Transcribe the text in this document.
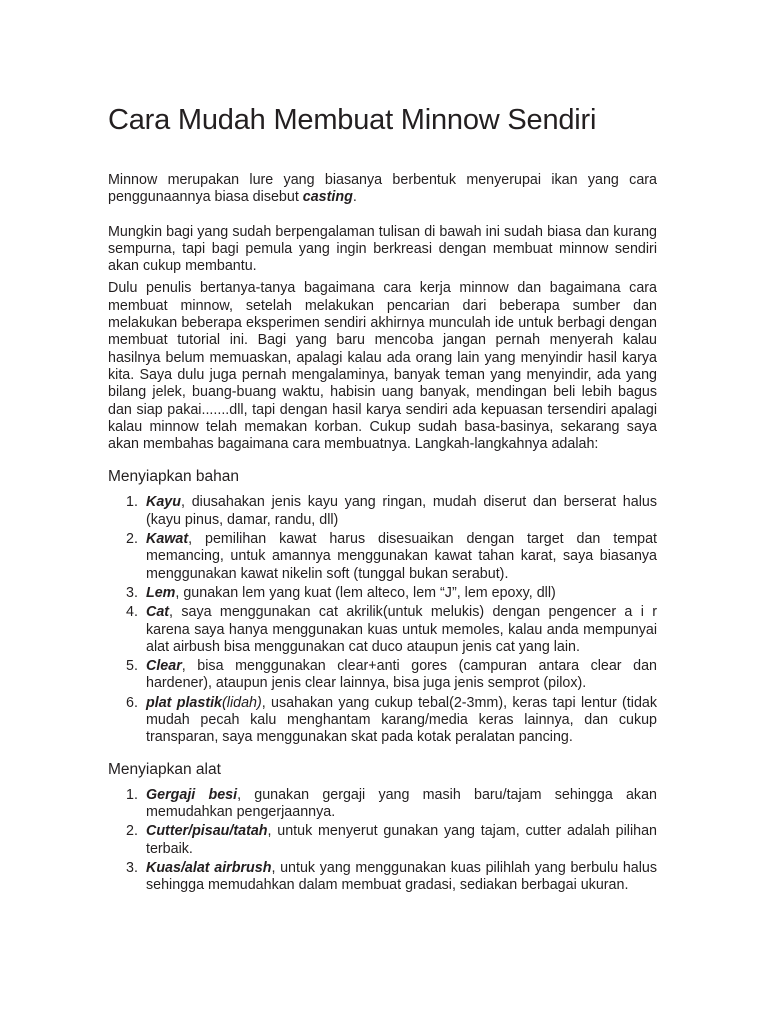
Cara Mudah Membuat Minnow Sendiri

Minnow merupakan lure yang biasanya berbentuk menyerupai ikan yang cara penggunaannya biasa disebut casting.

Mungkin bagi yang sudah berpengalaman tulisan di bawah ini sudah biasa dan kurang sempurna, tapi bagi pemula yang ingin berkreasi dengan membuat minnow sendiri akan cukup membantu.

Dulu penulis bertanya-tanya bagaimana cara kerja minnow dan bagaimana cara membuat minnow, setelah melakukan pencarian dari beberapa sumber dan melakukan beberapa eksperimen sendiri akhirnya munculah ide untuk berbagi dengan membuat tutorial ini. Bagi yang baru mencoba jangan pernah menyerah kalau hasilnya belum memuaskan, apalagi kalau ada orang lain yang menyindir hasil karya kita. Saya dulu juga pernah mengalaminya, banyak teman yang menyindir, ada yang bilang jelek, buang-buang waktu, habisin uang banyak, mendingan beli lebih bagus dan siap pakai.......dll, tapi dengan hasil karya sendiri ada kepuasan tersendiri apalagi kalau minnow telah memakan korban. Cukup sudah basa-basinya, sekarang saya akan membahas bagaimana cara membuatnya. Langkah-langkahnya adalah:

Menyiapkan bahan
1. Kayu, diusahakan jenis kayu yang ringan, mudah diserut dan berserat halus (kayu pinus, damar, randu, dll)
2. Kawat, pemilihan kawat harus disesuaikan dengan target dan tempat memancing, untuk amannya menggunakan kawat tahan karat, saya biasanya menggunakan kawat nikelin soft (tunggal bukan serabut).
3. Lem, gunakan lem yang kuat (lem alteco, lem “J”, lem epoxy, dll)
4. Cat, saya menggunakan cat akrilik(untuk melukis) dengan pengencer a i r karena saya hanya menggunakan kuas untuk memoles, kalau anda mempunyai alat airbush bisa menggunakan cat duco ataupun jenis cat yang lain.
5. Clear, bisa menggunakan clear+anti gores (campuran antara clear dan hardener), ataupun jenis clear lainnya, bisa juga jenis semprot (pilox).
6. plat plastik(lidah), usahakan yang cukup tebal(2-3mm), keras tapi lentur (tidak mudah pecah kalu menghantam karang/media keras lainnya, dan cukup transparan, saya menggunakan skat pada kotak peralatan pancing.
Menyiapkan alat
1. Gergaji besi, gunakan gergaji yang masih baru/tajam sehingga akan memudahkan pengerjaannya.
2. Cutter/pisau/tatah, untuk menyerut gunakan yang tajam, cutter adalah pilihan terbaik.
3. Kuas/alat airbrush, untuk yang menggunakan kuas pilihlah yang berbulu halus sehingga memudahkan dalam membuat gradasi, sediakan berbagai ukuran.
